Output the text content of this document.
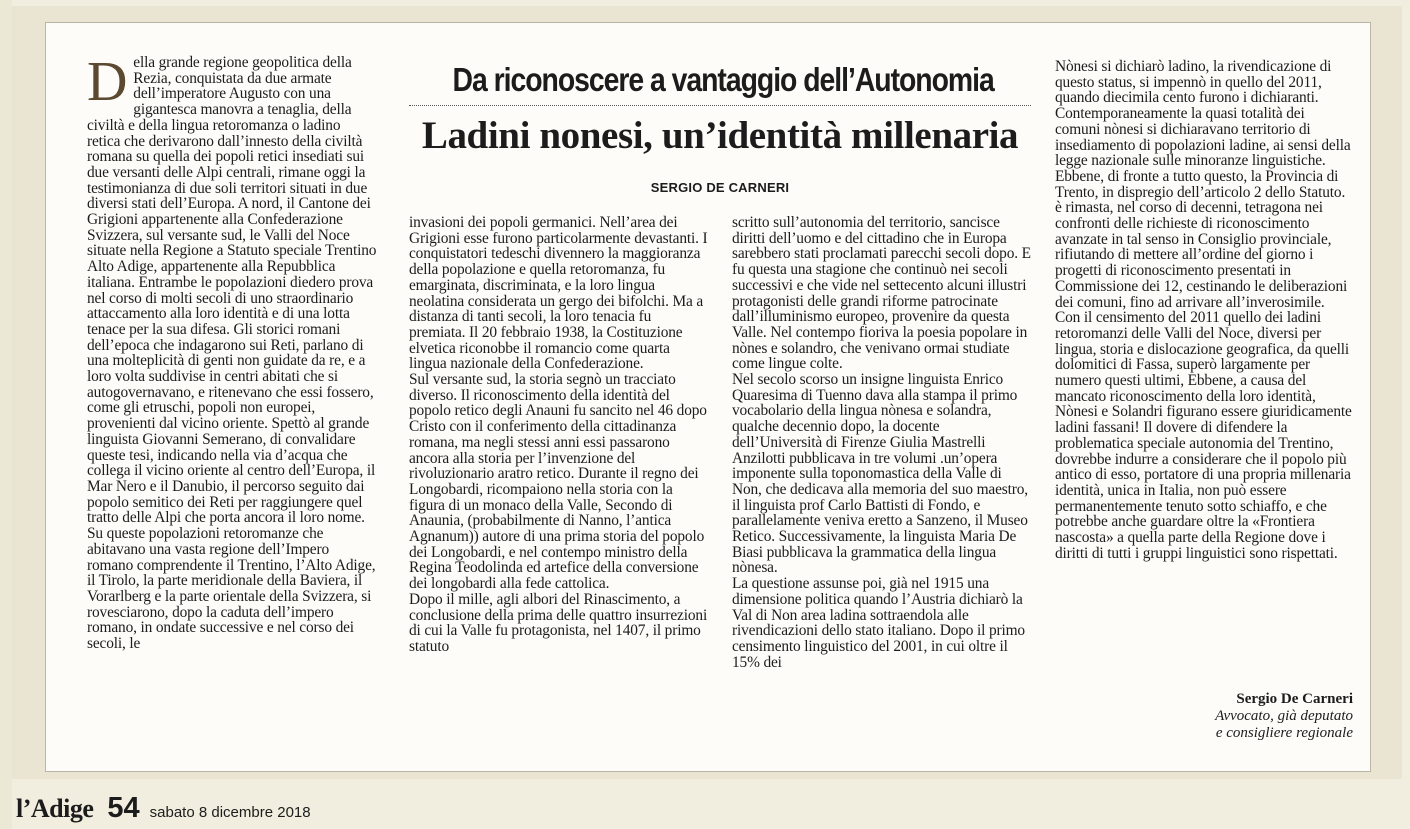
Della grande regione geopolitica della Rezia, conquistata da due armate dell’imperatore Augusto con una gigantesca manovra a tenaglia, della civiltà e della lingua retoromanza o ladino retica che derivarono dall’innesto della civiltà romana su quella dei popoli retici insediati sui due versanti delle Alpi centrali, rimane oggi la testimonianza di due soli territori situati in due diversi stati dell’Europa. A nord, il Cantone dei Grigioni appartenente alla Confederazione Svizzera, sul versante sud, le Valli del Noce situate nella Regione a Statuto speciale Trentino Alto Adige, appartenente alla Repubblica italiana. Entrambe le popolazioni diedero prova nel corso di molti secoli di uno straordinario attaccamento alla loro identità e di una lotta tenace per la sua difesa. Gli storici romani dell’epoca che indagarono sui Reti, parlano di una molteplicità di genti non guidate da re, e a loro volta suddivise in centri abitati che si autogovernavano, e ritenevano che essi fossero, come gli etruschi, popoli non europei, provenienti dal vicino oriente. Spettò al grande linguista Giovanni Semerano, di convalidare queste tesi, indicando nella via d’acqua che collega il vicino oriente al centro dell’Europa, il Mar Nero e il Danubio, il percorso seguito dai popolo semitico dei Reti per raggiungere quel tratto delle Alpi che porta ancora il loro nome.

Su queste popolazioni retoromanze che abitavano una vasta regione dell’Impero romano comprendente il Trentino, l’Alto Adige, il Tirolo, la parte meridionale della Baviera, il Vorarlberg e la parte orientale della Svizzera, si rovesciarono, dopo la caduta dell’impero romano, in ondate successive e nel corso dei secoli, le

Da riconoscere a vantaggio dell’Autonomia
Ladini nonesi, un’identità millenaria
SERGIO DE CARNERI

invasioni dei popoli germanici. Nell’area dei Grigioni esse furono particolarmente devastanti. I conquistatori tedeschi divennero la maggioranza della popolazione e quella retoromanza, fu emarginata, discriminata, e la loro lingua neolatina considerata un gergo dei bifolchi. Ma a distanza di tanti secoli, la loro tenacia fu premiata. Il 20 febbraio 1938, la Costituzione elvetica riconobbe il romancio come quarta lingua nazionale della Confederazione.

Sul versante sud, la storia segnò un tracciato diverso. Il riconoscimento della identità del popolo retico degli Anauni fu sancito nel 46 dopo Cristo con il conferimento della cittadinanza romana, ma negli stessi anni essi passarono ancora alla storia per l’invenzione del rivoluzionario aratro retico. Durante il regno dei Longobardi, ricompaiono nella storia con la figura di un monaco della Valle, Secondo di Anaunia, (probabilmente di Nanno, l’antica Agnanum)) autore di una prima storia del popolo dei Longobardi, e nel contempo ministro della Regina Teodolinda ed artefice della conversione dei longobardi alla fede cattolica.

Dopo il mille, agli albori del Rinascimento, a conclusione della prima delle quattro insurrezioni di cui la Valle fu protagonista, nel 1407, il primo statuto

scritto sull’autonomia del territorio, sancisce diritti dell’uomo e del cittadino che in Europa sarebbero stati proclamati parecchi secoli dopo. E fu questa una stagione che continuò nei secoli successivi e che vide nel settecento alcuni illustri protagonisti delle grandi riforme patrocinate dall’illuminismo europeo, provenire da questa Valle. Nel contempo fioriva la poesia popolare in nònes e solandro, che venivano ormai studiate come lingue colte.

Nel secolo scorso un insigne linguista Enrico Quaresima di Tuenno dava alla stampa il primo vocabolario della lingua nònesa e solandra, qualche decennio dopo, la docente dell’Università di Firenze Giulia Mastrelli Anzilotti pubblicava in tre volumi .un’opera imponente sulla toponomastica della Valle di Non, che dedicava alla memoria del suo maestro, il linguista prof Carlo Battisti di Fondo, e parallelamente veniva eretto a Sanzeno, il Museo Retico. Successivamente, la linguista Maria De Biasi pubblicava la grammatica della lingua nònesa.

La questione assunse poi, già nel 1915 una dimensione politica quando l’Austria dichiarò la Val di Non area ladina sottraendola alle rivendicazioni dello stato italiano. Dopo il primo censimento linguistico del 2001, in cui oltre il 15% dei

Nònesi si dichiarò ladino, la rivendicazione di questo status, si impennò in quello del 2011, quando diecimila cento furono i dichiaranti. Contemporaneamente la quasi totalità dei comuni nònesi si dichiaravano territorio di insediamento di popolazioni ladine, ai sensi della legge nazionale sulle minoranze linguistiche.

Ebbene, di fronte a tutto questo, la Provincia di Trento, in dispregio dell’articolo 2 dello Statuto. è rimasta, nel corso di decenni, tetragona nei confronti delle richieste di riconoscimento avanzate in tal senso in Consiglio provinciale, rifiutando di mettere all’ordine del giorno i progetti di riconoscimento presentati in Commissione dei 12, cestinando le deliberazioni dei comuni, fino ad arrivare all’inverosimile. Con il censimento del 2011 quello dei ladini retoromanzi delle Valli del Noce, diversi per lingua, storia e dislocazione geografica, da quelli dolomitici di Fassa, superò largamente per numero questi ultimi, Ebbene, a causa del mancato riconoscimento della loro identità, Nònesi e Solandri figurano essere giuridicamente ladini fassani! Il dovere di difendere la problematica speciale autonomia del Trentino, dovrebbe indurre a considerare che il popolo più antico di esso, portatore di una propria millenaria identità, unica in Italia, non può essere permanentemente tenuto sotto schiaffo, e che potrebbe anche guardare oltre la «Frontiera nascosta» a quella parte della Regione dove i diritti di tutti i gruppi linguistici sono rispettati.

Sergio De Carneri
Avvocato, già deputato
e consigliere regionale
l’Adige 54 sabato 8 dicembre 2018
